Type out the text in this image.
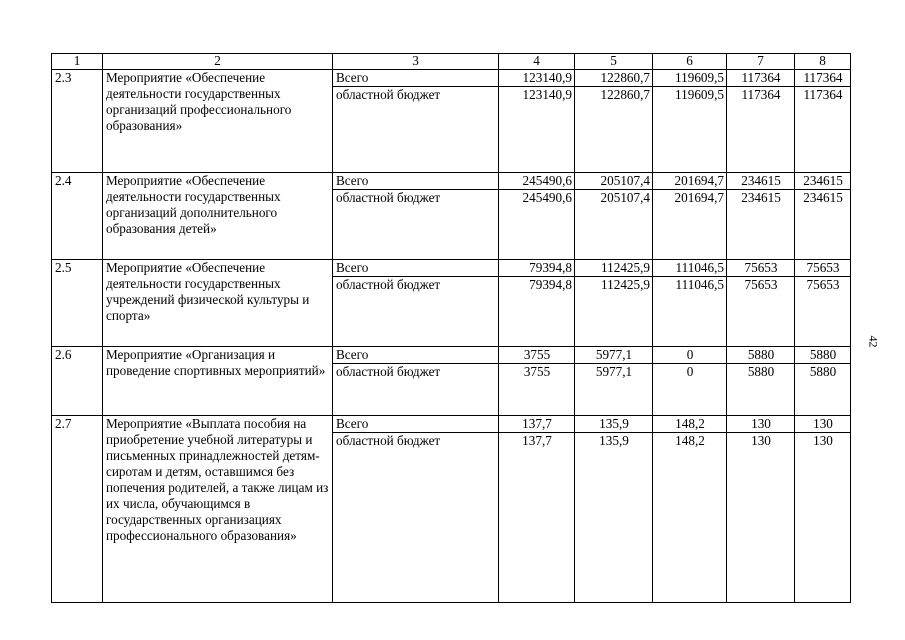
1	2	3	4	5	6	7	8
2.3	Мероприятие «Обеспечение деятельности государственных организаций профессионального образования»	Всего	123140,9	122860,7	119609,5	117364	117364
		областной бюджет	123140,9	122860,7	119609,5	117364	117364
2.4	Мероприятие «Обеспечение деятельности государственных организаций дополнительного образования детей»	Всего	245490,6	205107,4	201694,7	234615	234615
		областной бюджет	245490,6	205107,4	201694,7	234615	234615
2.5	Мероприятие «Обеспечение деятельности государственных учреждений физической культуры и спорта»	Всего	79394,8	112425,9	111046,5	75653	75653
		областной бюджет	79394,8	112425,9	111046,5	75653	75653
2.6	Мероприятие «Организация и проведение спортивных мероприятий»	Всего	3755	5977,1	0	5880	5880
		областной бюджет	3755	5977,1	0	5880	5880
2.7	Мероприятие «Выплата пособия на приобретение учебной литературы и письменных принадлежностей детям-сиротам и детям, оставшимся без попечения родителей, а также лицам из их числа, обучающимся в государственных организациях профессионального образования»	Всего	137,7	135,9	148,2	130	130
		областной бюджет	137,7	135,9	148,2	130	130
42
